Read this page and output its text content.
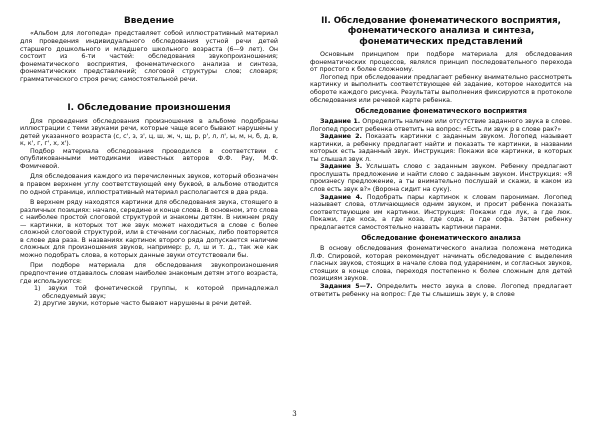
Введение

«Альбом для логопеда» представляет собой иллюстративный материал для проведения индивидуального обследования устной речи детей старшего дошкольного и младшего школьного возраста (6—9 лет). Он состоит из 6-ти частей: обследования звукопроизношения; фонематического восприятия, фонематического анализа и синтеза, фонематических представлений; слоговой структуры слов; словаря; грамматического строя речи; самостоятельной речи.

I. Обследование произношения

Для проведения обследования произношения в альбоме подобраны иллюстрации с теми звуками речи, которые чаще всего бывают нарушены у детей указанного возраста (с, с', з, з', ц, ш, ж, ч, щ, р, р', л, л', ы, м, н, б, д, в, к, к', г, г', х, х').

Подбор материала обследования проводился в соответствии с опубликованными методиками известных авторов Ф.Ф. Рау, М.Ф. Фомичевой.

Для обследования каждого из перечисленных звуков, который обозначен в правом верхнем углу соответствующей ему буквой, в альбоме отводится по одной странице, иллюстративный материал располагается в два ряда.

В верхнем ряду находятся картинки для обследования звука, стоящего в различных позициях: начале, середине и конце слова. В основном, это слова с наиболее простой слоговой структурой и знакомы детям. В нижнем ряду — картинки, в которых тот же звук может находиться в слове с более сложной слоговой структурой, или в стечении согласных, либо повторяется в слове два раза. В названиях картинок второго ряда допускается наличие сложных для произношения звуков, например: р, л, ш и т. д., так же как можно подобрать слова, в которых данные звуки отсутствовали бы.

При подборе материала для обследования звукопроизношения предпочтение отдавалось словам наиболее знакомым детям этого возраста, где используются:

1) звуки той фонетической группы, к которой принадлежал обследуемый звук;
2) другие звуки, которые часто бывают нарушены в речи детей.
II. Обследование фонематического восприятия, фонематического анализа и синтеза, фонематических представлений

Основным принципом при подборе материала для обследования фонематических процессов, являлся принцип последовательного перехода от простого к более сложному.

Логопед при обследовании предлагает ребенку внимательно рассмотреть картинку и выполнить соответствующее ей задание, которое находится на обороте каждого рисунка. Результаты выполнения фиксируются в протоколе обследования или речевой карте ребенка.

Обследование фонематического восприятия

Задание 1. Определить наличие или отсутствие заданного звука в слове. Логопед просит ребенка ответить на вопрос: «Есть ли звук р в слове рак?»

Задание 2. Показать картинки с заданным звуком. Логопед называет картинки, а ребенку предлагает найти и показать те картинки, в названии которых есть заданный звук. Инструкция: Покажи все картинки, в которых ты слышал звук л.

Задание 3. Услышать слово с заданным звуком. Ребенку предлагают прослушать предложение и найти слово с заданным звуком. Инструкция: «Я произнесу предложение, а ты внимательно послушай и скажи, в каком из слов есть звук в?» (Ворона сидит на суку).

Задание 4. Подобрать пары картинок к словам паронимам. Логопед называет слова, отличающиеся одним звуком, и просит ребенка показать соответствующие им картинки. Инструкция: Покажи где лук, а где люк. Покажи, где коса, а где коза, где сода, а где софа. Затем ребенку предлагается самостоятельно назвать картинки парами.

Обследование фонематического анализа

В основу обследования фонематического анализа положена методика Л.Ф. Спировой, которая рекомендует начинать обследование с выделения гласных звуков, стоящих в начале слова под ударением, и согласных звуков, стоящих в конце слова, переходя постепенно к более сложным для детей позициям звуков.

Задания 5—7. Определить место звука в слове. Логопед предлагает ответить ребенку на вопрос: Где ты слышишь звук у, в слове

3
